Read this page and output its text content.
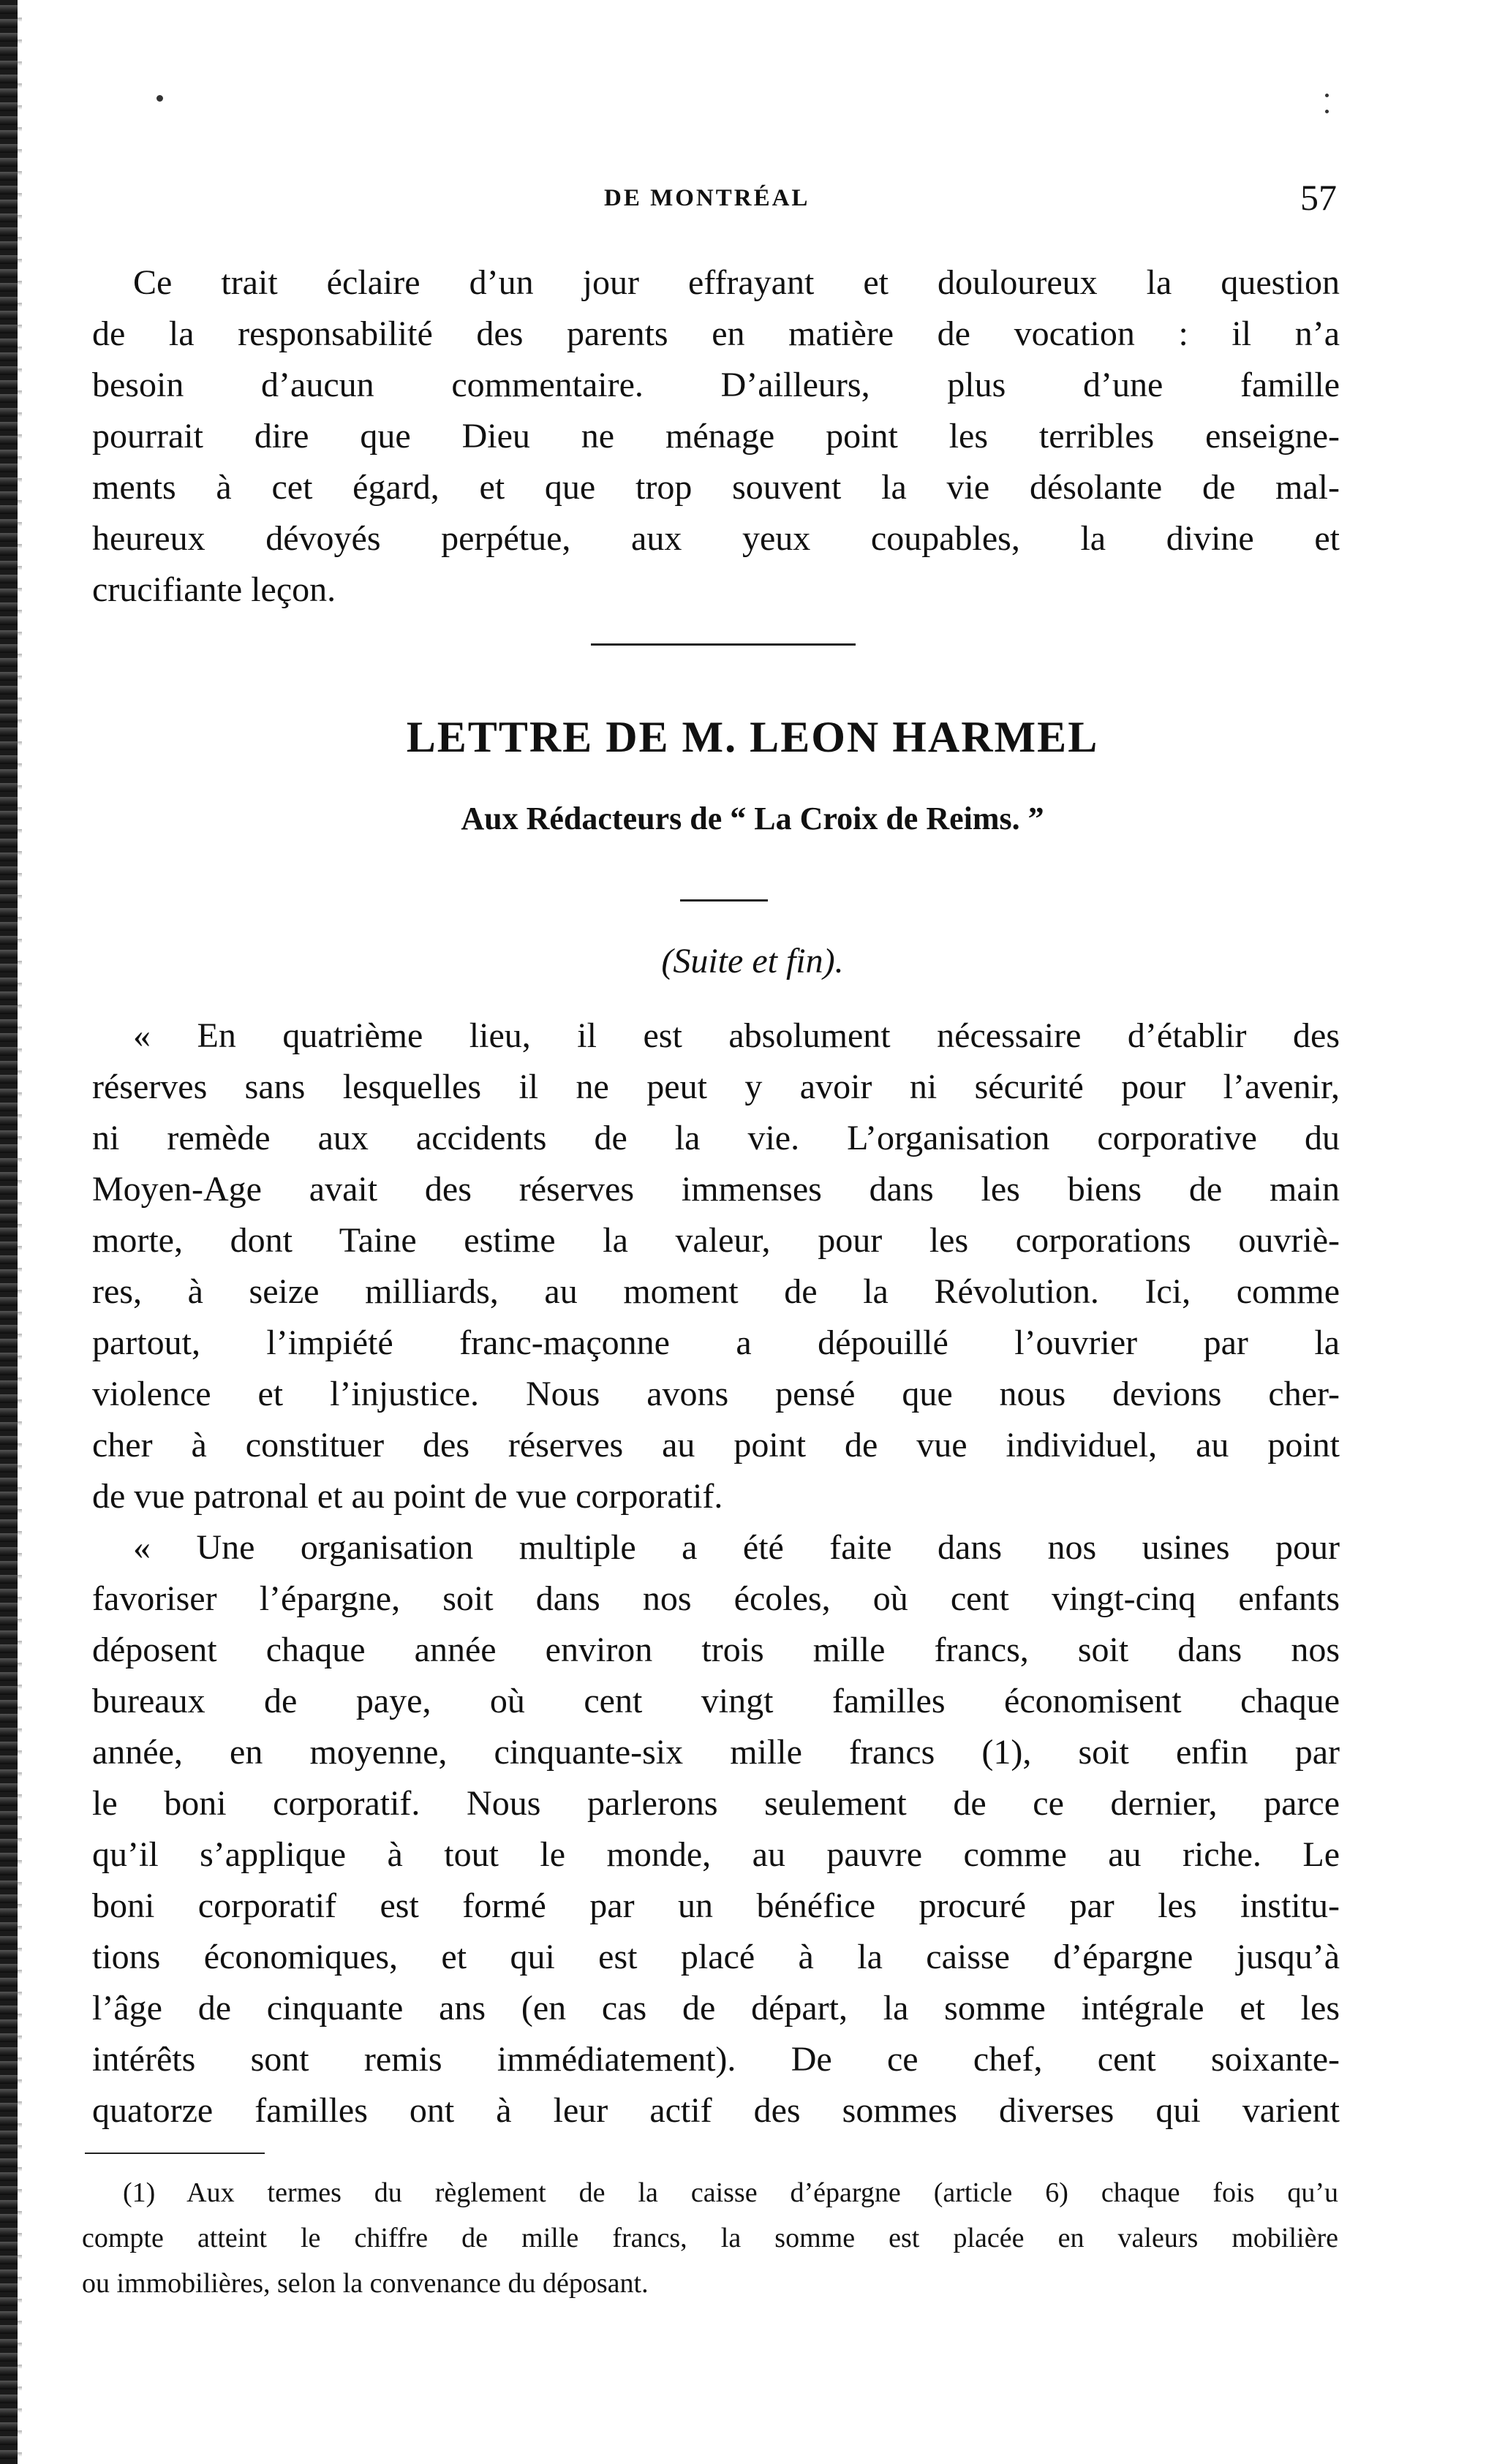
DE MONTRÉAL	57
Ce trait éclaire d’un jour effrayant et douloureux la question
de la responsabilité des parents en matière de vocation : il n’a
besoin d’aucun commentaire. D’ailleurs, plus d’une famille
pourrait dire que Dieu ne ménage point les terribles enseigne-
ments à cet égard, et que trop souvent la vie désolante de mal-
heureux dévoyés perpétue, aux yeux coupables, la divine et
crucifiante leçon.
LETTRE DE M. LEON HARMEL
Aux Rédacteurs de “ La Croix de Reims. ”
(Suite et fin).
« En quatrième lieu, il est absolument nécessaire d’établir des
réserves sans lesquelles il ne peut y avoir ni sécurité pour l’avenir,
ni remède aux accidents de la vie. L’organisation corporative du
Moyen-Age avait des réserves immenses dans les biens de main
morte, dont Taine estime la valeur, pour les corporations ouvriè-
res, à seize milliards, au moment de la Révolution. Ici, comme
partout, l’impiété franc-maçonne a dépouillé l’ouvrier par la
violence et l’injustice. Nous avons pensé que nous devions cher-
cher à constituer des réserves au point de vue individuel, au point
de vue patronal et au point de vue corporatif.
« Une organisation multiple a été faite dans nos usines pour
favoriser l’épargne, soit dans nos écoles, où cent vingt-cinq enfants
déposent chaque année environ trois mille francs, soit dans nos
bureaux de paye, où cent vingt familles économisent chaque
année, en moyenne, cinquante-six mille francs (1), soit enfin par
le boni corporatif. Nous parlerons seulement de ce dernier, parce
qu’il s’applique à tout le monde, au pauvre comme au riche. Le
boni corporatif est formé par un bénéfice procuré par les institu-
tions économiques, et qui est placé à la caisse d’épargne jusqu’à
l’âge de cinquante ans (en cas de départ, la somme intégrale et les
intérêts sont remis immédiatement). De ce chef, cent soixante-
quatorze familles ont à leur actif des sommes diverses qui varient
(1) Aux termes du règlement de la caisse d’épargne (article 6) chaque fois qu’u
compte atteint le chiffre de mille francs, la somme est placée en valeurs mobilière
ou immobilières, selon la convenance du déposant.
